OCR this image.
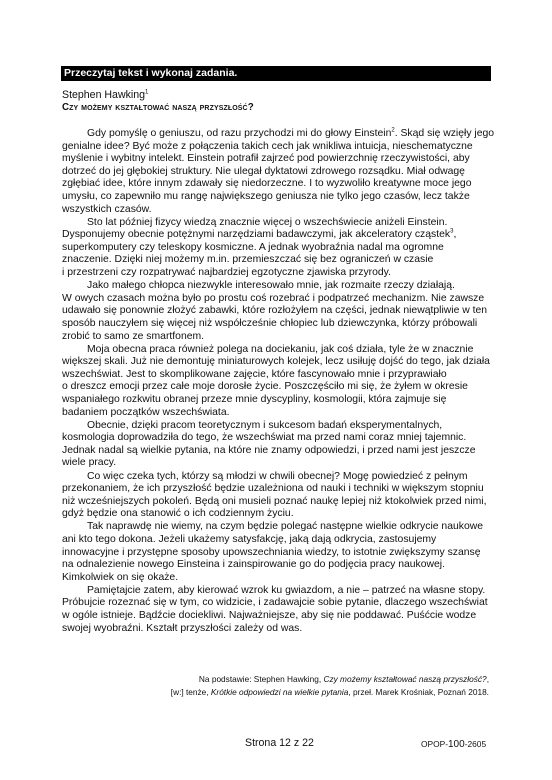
Przeczytaj tekst i wykonaj zadania.
Stephen Hawking$^1$
Czy możemy kształtować naszą przyszłość?

Gdy pomyślę o geniuszu, od razu przychodzi mi do głowy Einstein$^2$. Skąd się wzięły jego
genialne idee? Być może z połączenia takich cech jak wnikliwa intuicja, nieschematyczne
myślenie i wybitny intelekt. Einstein potrafił zajrzeć pod powierzchnię rzeczywistości, aby
dotrzeć do jej głębokiej struktury. Nie ulegał dyktatowi zdrowego rozsądku. Miał odwagę
zgłębiać idee, które innym zdawały się niedorzeczne. I to wyzwoliło kreatywne moce jego
umysłu, co zapewniło mu rangę największego geniusza nie tylko jego czasów, lecz także
wszystkich czasów.

Sto lat później fizycy wiedzą znacznie więcej o wszechświecie aniżeli Einstein.
Dysponujemy obecnie potężnymi narzędziami badawczymi, jak akceleratory cząstek$^3$,
superkomputery czy teleskopy kosmiczne. A jednak wyobraźnia nadal ma ogromne
znaczenie. Dzięki niej możemy m.in. przemieszczać się bez ograniczeń w czasie
i przestrzeni czy rozpatrywać najbardziej egzotyczne zjawiska przyrody.

Jako małego chłopca niezwykle interesowało mnie, jak rozmaite rzeczy działają.
W owych czasach można było po prostu coś rozebrać i podpatrzeć mechanizm. Nie zawsze
udawało się ponownie złożyć zabawki, które rozłożyłem na części, jednak niewątpliwie w ten
sposób nauczyłem się więcej niż współcześnie chłopiec lub dziewczynka, którzy próbowali
zrobić to samo ze smartfonem.

Moja obecna praca również polega na dociekaniu, jak coś działa, tyle że w znacznie
większej skali. Już nie demontuję miniaturowych kolejek, lecz usiłuję dojść do tego, jak działa
wszechświat. Jest to skomplikowane zajęcie, które fascynowało mnie i przyprawiało
o dreszcz emocji przez całe moje dorosłe życie. Poszczęściło mi się, że żyłem w okresie
wspaniałego rozkwitu obranej przeze mnie dyscypliny, kosmologii, która zajmuje się
badaniem początków wszechświata.

Obecnie, dzięki pracom teoretycznym i sukcesom badań eksperymentalnych,
kosmologia doprowadziła do tego, że wszechświat ma przed nami coraz mniej tajemnic.
Jednak nadal są wielkie pytania, na które nie znamy odpowiedzi, i przed nami jest jeszcze
wiele pracy.

Co więc czeka tych, którzy są młodzi w chwili obecnej? Mogę powiedzieć z pełnym
przekonaniem, że ich przyszłość będzie uzależniona od nauki i techniki w większym stopniu
niż wcześniejszych pokoleń. Będą oni musieli poznać naukę lepiej niż ktokolwiek przed nimi,
gdyż będzie ona stanowić o ich codziennym życiu.

Tak naprawdę nie wiemy, na czym będzie polegać następne wielkie odkrycie naukowe
ani kto tego dokona. Jeżeli ukażemy satysfakcję, jaką dają odkrycia, zastosujemy
innowacyjne i przystępne sposoby upowszechniania wiedzy, to istotnie zwiększymy szansę
na odnalezienie nowego Einsteina i zainspirowanie go do podjęcia pracy naukowej.
Kimkolwiek on się okaże.

Pamiętajcie zatem, aby kierować wzrok ku gwiazdom, a nie – patrzeć na własne stopy.
Próbujcie rozeznać się w tym, co widzicie, i zadawajcie sobie pytanie, dlaczego wszechświat
w ogóle istnieje. Bądźcie dociekliwi. Najważniejsze, aby się nie poddawać. Puśćcie wodze
swojej wyobraźni. Kształt przyszłości zależy od was.

Na podstawie: Stephen Hawking, Czy możemy kształtować naszą przyszłość?,
[w:] tenże, Krótkie odpowiedzi na wielkie pytania, przeł. Marek Krośniak, Poznań 2018.
Strona 12 z 22	OPOP-100-2605
